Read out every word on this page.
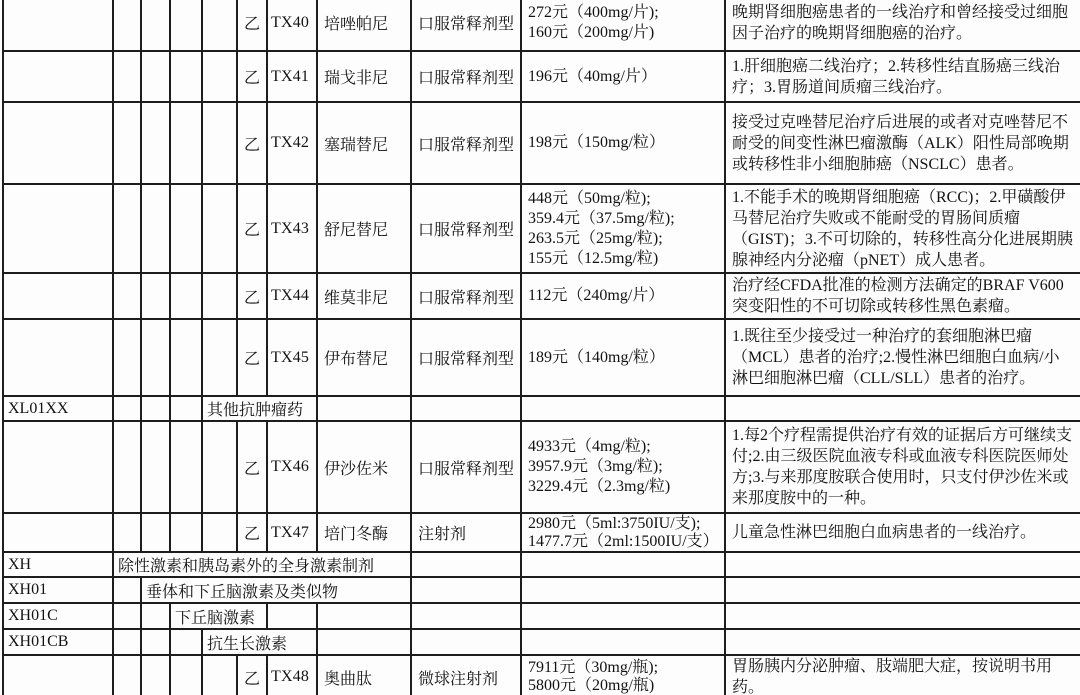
					乙	TX40	培唑帕尼	口服常释剂型	272元（400mg/片);
160元（200mg/片)	晚期肾细胞癌患者的一线治疗和曾经接受过细胞因子治疗的晚期肾细胞癌的治疗。
					乙	TX41	瑞戈非尼	口服常释剂型	196元（40mg/片）	1.肝细胞癌二线治疗；2.转移性结直肠癌三线治疗；3.胃肠道间质瘤三线治疗。
					乙	TX42	塞瑞替尼	口服常释剂型	198元（150mg/粒）	接受过克唑替尼治疗后进展的或者对克唑替尼不耐受的间变性淋巴瘤激酶（ALK）阳性局部晚期或转移性非小细胞肺癌（NSCLC）患者。
					乙	TX43	舒尼替尼	口服常释剂型	448元（50mg/粒);
359.4元（37.5mg/粒);
263.5元（25mg/粒);
155元（12.5mg/粒)	1.不能手术的晚期肾细胞癌（RCC)；2.甲磺酸伊马替尼治疗失败或不能耐受的胃肠间质瘤（GIST)；3.不可切除的，转移性高分化进展期胰腺神经内分泌瘤（pNET）成人患者。
					乙	TX44	维莫非尼	口服常释剂型	112元（240mg/片）	治疗经CFDA批准的检测方法确定的BRAF V600 突变阳性的不可切除或转移性黑色素瘤。
					乙	TX45	伊布替尼	口服常释剂型	189元（140mg/粒）	1.既往至少接受过一种治疗的套细胞淋巴瘤（MCL）患者的治疗;2.慢性淋巴细胞白血病/小淋巴细胞淋巴瘤（CLL/SLL）患者的治疗。
XL01XX				其他抗肿瘤药						
					乙	TX46	伊沙佐米	口服常释剂型	4933元（4mg/粒);
3957.9元（3mg/粒);
3229.4元（2.3mg/粒)	1.每2个疗程需提供治疗有效的证据后方可继续支付;2.由三级医院血液专科或血液专科医院医师处方;3.与来那度胺联合使用时，只支付伊沙佐米或来那度胺中的一种。
					乙	TX47	培门冬酶	注射剂	2980元（5ml:3750IU/支);
1477.7元（2ml:1500IU/支）	儿童急性淋巴细胞白血病患者的一线治疗。
XH	除性激素和胰岛素外的全身激素制剂									
XH01		垂体和下丘脑激素及类似物								
XH01C			下丘脑激素							
XH01CB				抗生长激素						
					乙	TX48	奥曲肽	微球注射剂	7911元（30mg/瓶);
5800元（20mg/瓶)	胃肠胰内分泌肿瘤、肢端肥大症，按说明书用药。
